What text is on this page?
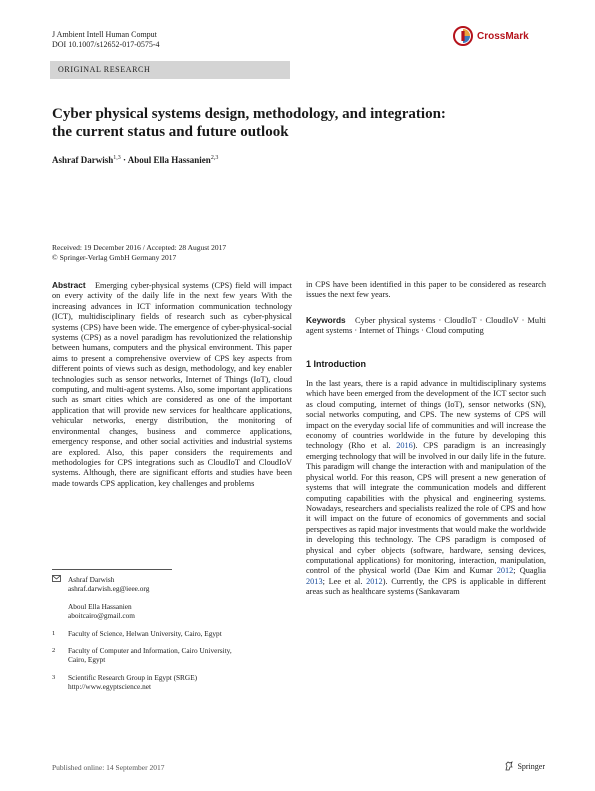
J Ambient Intell Human Comput
DOI 10.1007/s12652-017-0575-4
CrossMark
ORIGINAL RESEARCH
Cyber physical systems design, methodology, and integration:
the current status and future outlook
Ashraf Darwish$^{1,3}$ · Aboul Ella Hassanien$^{2,3}$
Received: 19 December 2016 / Accepted: 28 August 2017
© Springer-Verlag GmbH Germany 2017
Abstract Emerging cyber-physical systems (CPS) field will impact on every activity of the daily life in the next few years With the increasing advances in ICT information communication technology (ICT), multidisciplinary fields of research such as cyber-physical systems (CPS) have been wide. The emergence of cyber-physical-social systems (CPS) as a novel paradigm has revolutionized the relationship between humans, computers and the physical environment. This paper aims to present a comprehensive overview of CPS key aspects from different points of views such as design, methodology, and key enabler technologies such as sensor networks, Internet of Things (IoT), cloud computing, and multi-agent systems. Also, some important applications such as smart cities which are considered as one of the important application that will provide new services for healthcare applications, vehicular networks, energy distribution, the monitoring of environmental changes, business and commerce applications, emergency response, and other social activities and industrial systems are explored. Also, this paper considers the requirements and methodologies for CPS integrations such as CloudIoT and CloudIoV systems. Although, there are significant efforts and studies have been made towards CPS application, key challenges and problems
in CPS have been identified in this paper to be considered as research issues the next few years.
Keywords Cyber physical systems · CloudIoT · CloudIoV · Multi agent systems · Internet of Things · Cloud computing
1 Introduction
In the last years, there is a rapid advance in multidisciplinary systems which have been emerged from the development of the ICT sector such as cloud computing, internet of things (IoT), sensor networks (SN), social networks computing, and CPS. The new systems of CPS will impact on the everyday social life of communities and will increase the economy of countries worldwide in the future by developing this technology (Rho et al. 2016). CPS paradigm is an increasingly emerging technology that will be involved in our daily life in the future. This paradigm will change the interaction with and manipulation of the physical world. For this reason, CPS will present a new generation of systems that will integrate the communication models and different computing capabilities with the physical and engineering systems. Nowadays, researchers and specialists realized the role of CPS and how it will impact on the future of economics of governments and social perspectives as rapid major investments that would make the worldwide in developing this technology. The CPS paradigm is composed of physical and cyber objects (software, hardware, sensing devices, computational applications) for monitoring, interaction, manipulation, control of the physical world (Dae Kim and Kumar 2012; Quaglia 2013; Lee et al. 2012). Currently, the CPS is applicable in different areas such as healthcare systems (Sankavaram
Ashraf Darwish
ashraf.darwish.eg@ieee.org
Aboul Ella Hassanien
aboitcairo@gmail.com
1	Faculty of Science, Helwan University, Cairo, Egypt
2	Faculty of Computer and Information, Cairo University,
Cairo, Egypt
3	Scientific Research Group in Egypt (SRGE)
http://www.egyptscience.net
Published online: 14 September 2017	Springer
